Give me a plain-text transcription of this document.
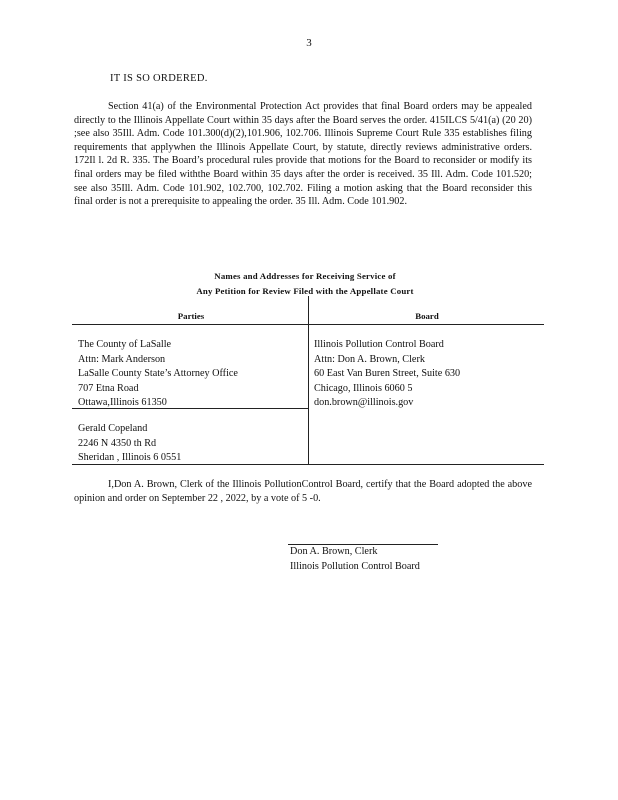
3
IT IS SO ORDERED.

Section 41(a) of the Environmental Protection Act provides that final Board orders may be appealed directly to the Illinois Appellate Court within 35 days after the Board serves the order. 415ILCS 5/41(a) (20 20) ;see also 35Ill. Adm. Code 101.300(d)(2),101.906, 102.706. Illinois Supreme Court Rule 335 establishes filing requirements that applywhen the Illinois Appellate Court, by statute, directly reviews administrative orders. 172Il l. 2d R. 335. The Board’s procedural rules provide that motions for the Board to reconsider or modify its final orders may be filed withthe Board within 35 days after the order is received. 35 Ill. Adm. Code 101.520; see also 35Ill. Adm. Code 101.902, 102.700, 102.702. Filing a motion asking that the Board reconsider this final order is not a prerequisite to appealing the order. 35 Ill. Adm. Code 101.902.

Names and Addresses for Receiving Service of
Any Petition for Review Filed with the Appellate Court
Parties	Board
The County of LaSalle
Attn: Mark Anderson
LaSalle County State’s Attorney Office
707 Etna Road
Ottawa,Illinois 61350
Gerald Copeland
2246 N 4350 th Rd
Sheridan , Illinois 6 0551
Illinois Pollution Control Board
Attn: Don A. Brown, Clerk
60 East Van Buren Street, Suite 630
Chicago, Illinois 6060 5
don.brown@illinois.gov

I,Don A. Brown, Clerk of the Illinois PollutionControl Board, certify that the Board adopted the above opinion and order on September 22 , 2022, by a vote of 5 -0.

Don A. Brown, Clerk
Illinois Pollution Control Board
